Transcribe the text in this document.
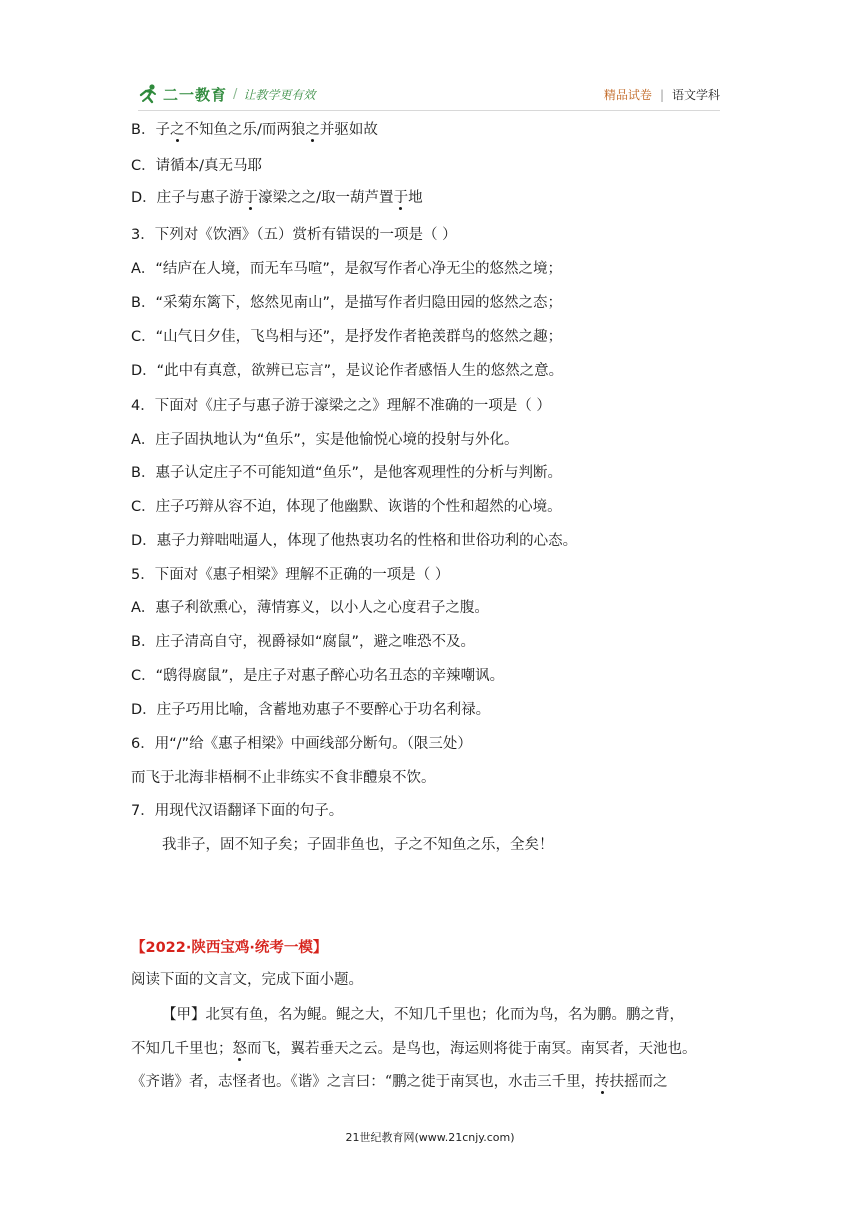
二一教育 / 让教学更有效	精品试卷 | 语文学科
B．子之不知鱼之乐/而两狼之并驱如故
C．请循本/真无马耶
D．庄子与惠子游于濠梁之之/取一葫芦置于地
3．下列对《饮酒》（五）赏析有错误的一项是（ ）
A．“结庐在人境，而无车马喧”，是叙写作者心净无尘的悠然之境；
B．“采菊东篱下，悠然见南山”，是描写作者归隐田园的悠然之态；
C．“山气日夕佳，飞鸟相与还”，是抒发作者艳羡群鸟的悠然之趣；
D．“此中有真意，欲辨已忘言”，是议论作者感悟人生的悠然之意。
4．下面对《庄子与惠子游于濠梁之之》理解不准确的一项是（ ）
A．庄子固执地认为“鱼乐”，实是他愉悦心境的投射与外化。
B．惠子认定庄子不可能知道“鱼乐”，是他客观理性的分析与判断。
C．庄子巧辩从容不迫，体现了他幽默、诙谐的个性和超然的心境。
D．惠子力辩咄咄逼人，体现了他热衷功名的性格和世俗功利的心态。
5．下面对《惠子相梁》理解不正确的一项是（ ）
A．惠子利欲熏心，薄情寡义，以小人之心度君子之腹。
B．庄子清高自守，视爵禄如“腐鼠”，避之唯恐不及。
C．“鸱得腐鼠”，是庄子对惠子醉心功名丑态的辛辣嘲讽。
D．庄子巧用比喻，含蓄地劝惠子不要醉心于功名利禄。
6．用“/”给《惠子相梁》中画线部分断句。（限三处）
而飞于北海非梧桐不止非练实不食非醴泉不饮。
7．用现代汉语翻译下面的句子。
我非子，固不知子矣；子固非鱼也，子之不知鱼之乐，全矣！
【2022·陕西宝鸡·统考一模】
阅读下面的文言文，完成下面小题。
【甲】北冥有鱼，名为鲲。鲲之大，不知几千里也；化而为鸟，名为鹏。鹏之背，
不知几千里也；怒而飞，翼若垂天之云。是鸟也，海运则将徙于南冥。南冥者，天池也。
《齐谐》者，志怪者也。《谐》之言曰：“鹏之徙于南冥也，水击三千里，抟扶摇而之
21世纪教育网(www.21cnjy.com)
